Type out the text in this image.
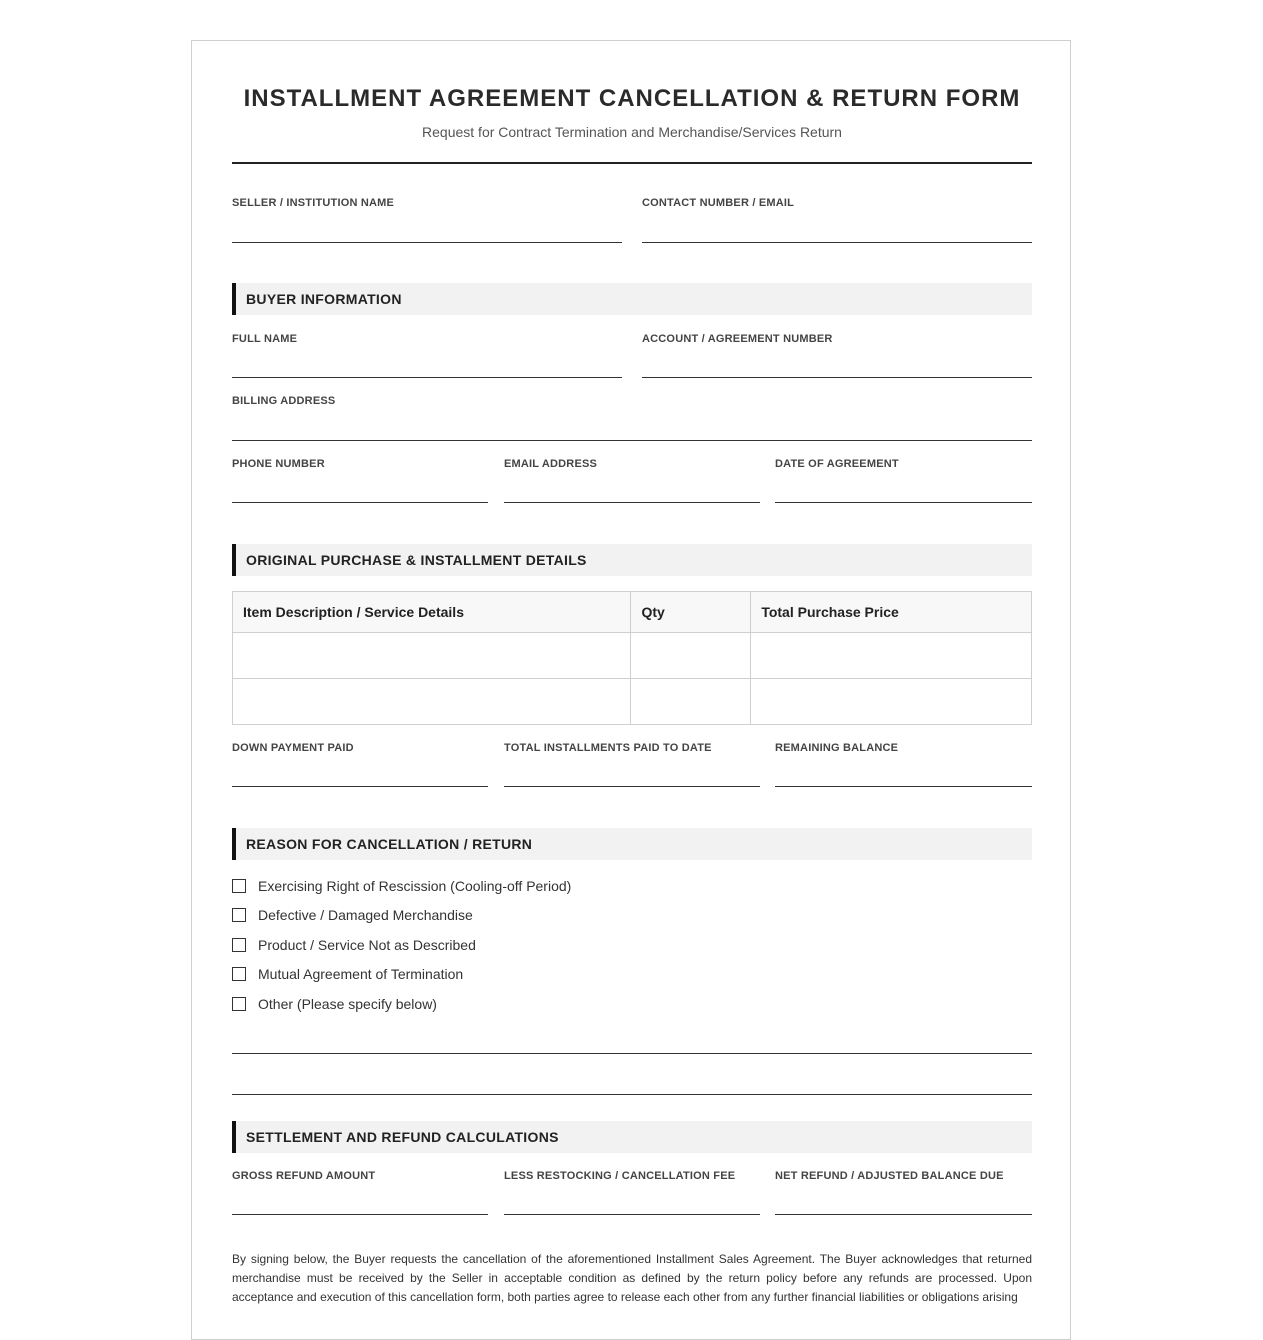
INSTALLMENT AGREEMENT CANCELLATION & RETURN FORM
Request for Contract Termination and Merchandise/Services Return
SELLER / INSTITUTION NAME	CONTACT NUMBER / EMAIL
BUYER INFORMATION
FULL NAME	ACCOUNT / AGREEMENT NUMBER
BILLING ADDRESS
PHONE NUMBER	EMAIL ADDRESS	DATE OF AGREEMENT
ORIGINAL PURCHASE & INSTALLMENT DETAILS
Item Description / Service Details	Qty	Total Purchase Price

DOWN PAYMENT PAID	TOTAL INSTALLMENTS PAID TO DATE	REMAINING BALANCE
REASON FOR CANCELLATION / RETURN
Exercising Right of Rescission (Cooling-off Period)
Defective / Damaged Merchandise
Product / Service Not as Described
Mutual Agreement of Termination
Other (Please specify below)
SETTLEMENT AND REFUND CALCULATIONS
GROSS REFUND AMOUNT	LESS RESTOCKING / CANCELLATION FEE	NET REFUND / ADJUSTED BALANCE DUE
By signing below, the Buyer requests the cancellation of the aforementioned Installment Sales Agreement. The Buyer acknowledges that returned merchandise must be received by the Seller in acceptable condition as defined by the return policy before any refunds are processed. Upon acceptance and execution of this cancellation form, both parties agree to release each other from any further financial liabilities or obligations arising
